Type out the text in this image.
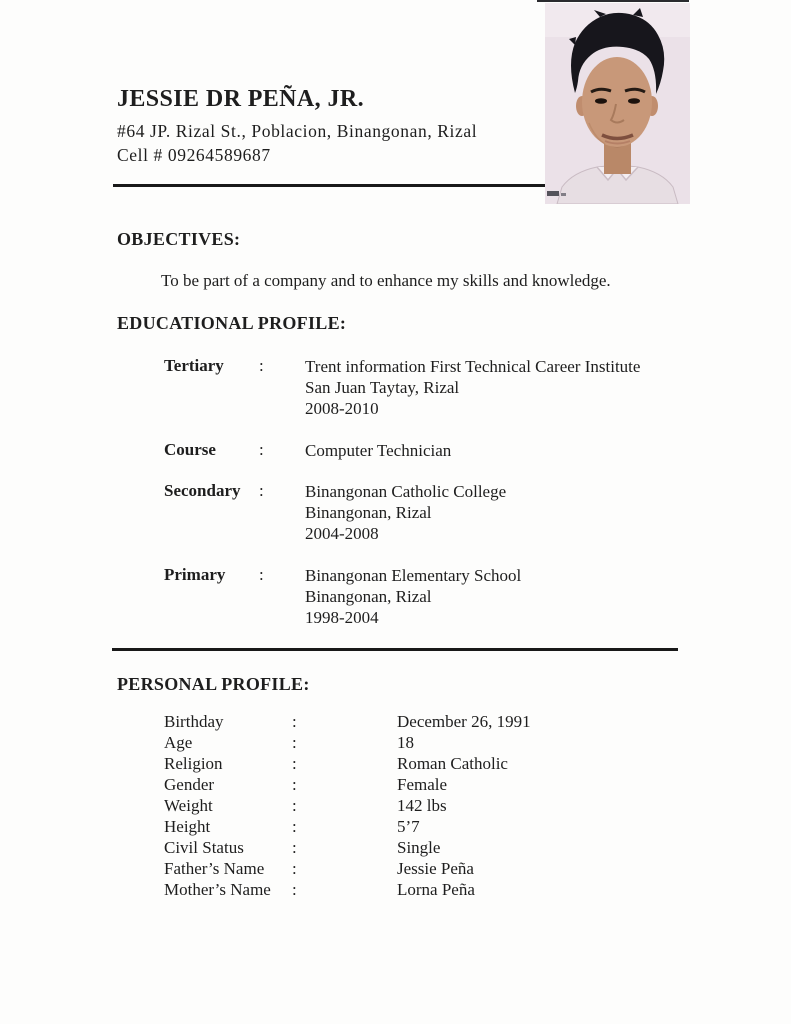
JESSIE DR PEÑA, JR.
#64 JP. Rizal St., Poblacion, Binangonan, Rizal
Cell # 09264589687
OBJECTIVES:
To be part of a company and to enhance my skills and knowledge.
EDUCATIONAL PROFILE:
Tertiary : Trent information First Technical Career Institute
San Juan Taytay, Rizal
2008-2010
Course	: Computer Technician
Secondary : Binangonan Catholic College
Binangonan, Rizal
2004-2008
Primary : Binangonan Elementary School
Binangonan, Rizal
1998-2004
PERSONAL PROFILE:
Birthday	:	December 26, 1991
Age	:	18
Religion	:	Roman Catholic
Gender	:	Female
Weight	:	142 lbs
Height	:	5’7
Civil Status	:	Single
Father’s Name :	Jessie Peña
Mother’s Name :	Lorna Peña
